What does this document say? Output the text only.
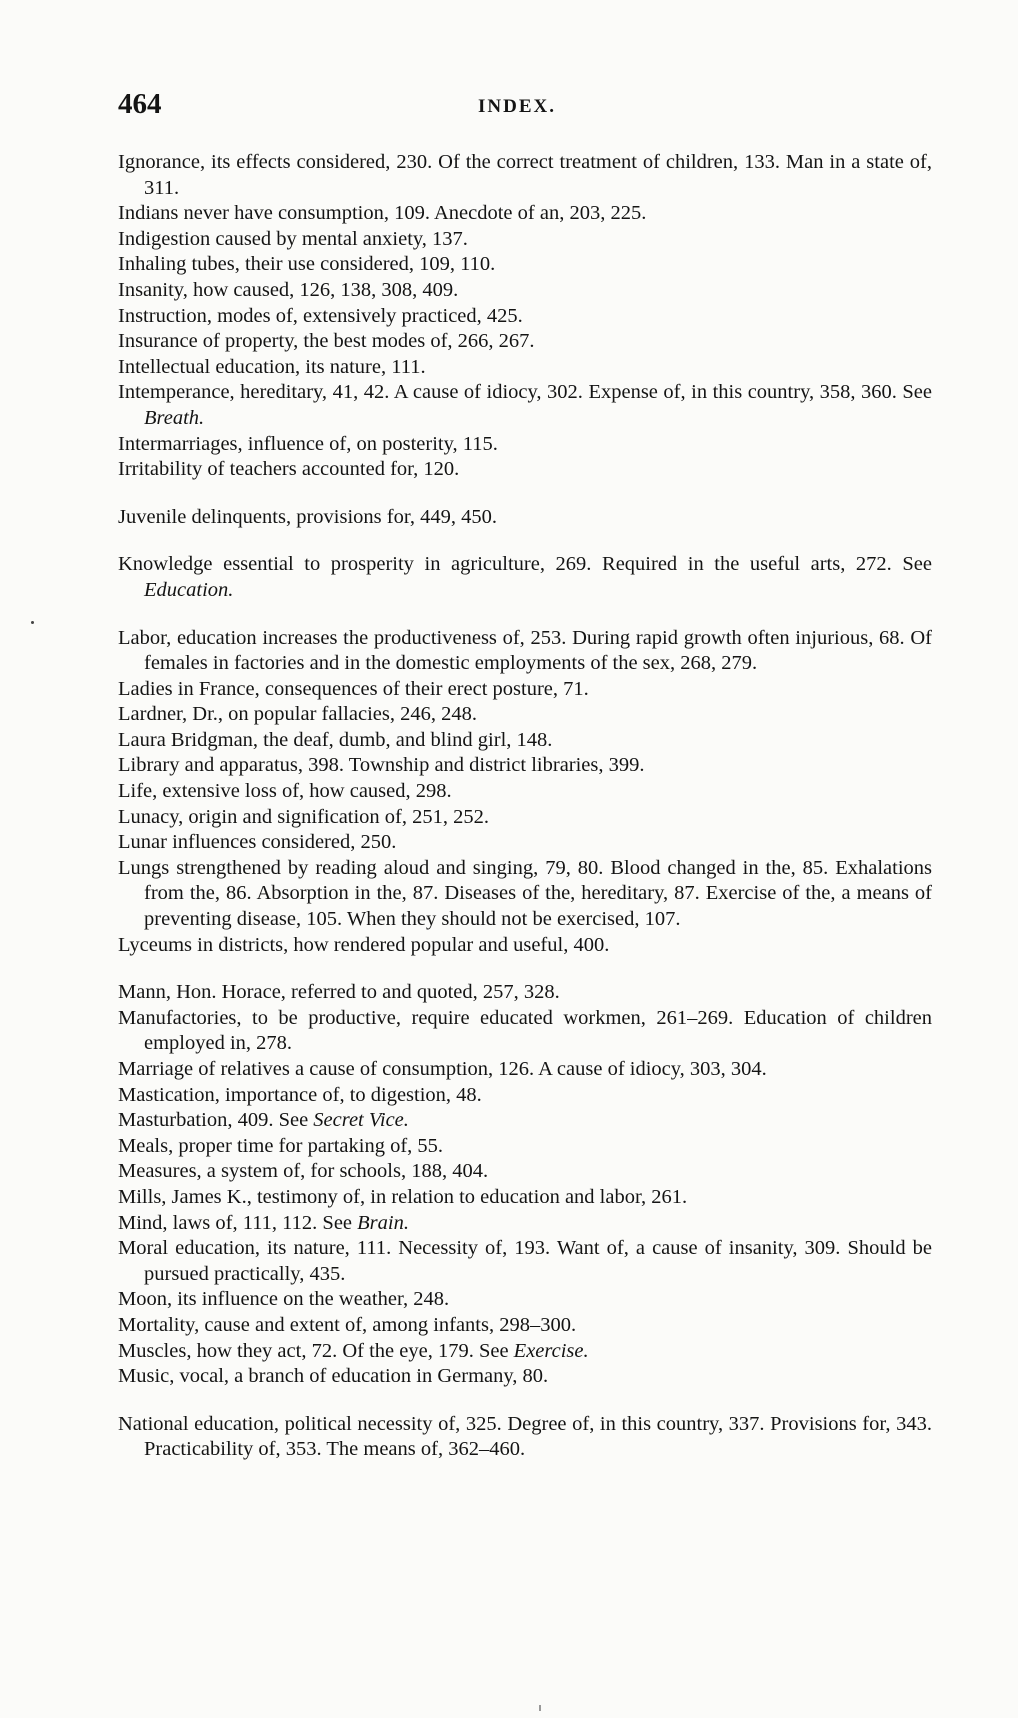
464	INDEX.
Ignorance, its effects considered, 230. Of the correct treatment of children, 133. Man in a state of, 311.
Indians never have consumption, 109. Anecdote of an, 203, 225.
Indigestion caused by mental anxiety, 137.
Inhaling tubes, their use considered, 109, 110.
Insanity, how caused, 126, 138, 308, 409.
Instruction, modes of, extensively practiced, 425.
Insurance of property, the best modes of, 266, 267.
Intellectual education, its nature, 111.
Intemperance, hereditary, 41, 42. A cause of idiocy, 302. Expense of, in this country, 358, 360. See Breath.
Intermarriages, influence of, on posterity, 115.
Irritability of teachers accounted for, 120.
Juvenile delinquents, provisions for, 449, 450.
Knowledge essential to prosperity in agriculture, 269. Required in the useful arts, 272. See Education.
Labor, education increases the productiveness of, 253. During rapid growth often injurious, 68. Of females in factories and in the domestic employments of the sex, 268, 279.
Ladies in France, consequences of their erect posture, 71.
Lardner, Dr., on popular fallacies, 246, 248.
Laura Bridgman, the deaf, dumb, and blind girl, 148.
Library and apparatus, 398. Township and district libraries, 399.
Life, extensive loss of, how caused, 298.
Lunacy, origin and signification of, 251, 252.
Lunar influences considered, 250.
Lungs strengthened by reading aloud and singing, 79, 80. Blood changed in the, 85. Exhalations from the, 86. Absorption in the, 87. Diseases of the, hereditary, 87. Exercise of the, a means of preventing disease, 105. When they should not be exercised, 107.
Lyceums in districts, how rendered popular and useful, 400.
Mann, Hon. Horace, referred to and quoted, 257, 328.
Manufactories, to be productive, require educated workmen, 261–269. Education of children employed in, 278.
Marriage of relatives a cause of consumption, 126. A cause of idiocy, 303, 304.
Mastication, importance of, to digestion, 48.
Masturbation, 409. See Secret Vice.
Meals, proper time for partaking of, 55.
Measures, a system of, for schools, 188, 404.
Mills, James K., testimony of, in relation to education and labor, 261.
Mind, laws of, 111, 112. See Brain.
Moral education, its nature, 111. Necessity of, 193. Want of, a cause of insanity, 309. Should be pursued practically, 435.
Moon, its influence on the weather, 248.
Mortality, cause and extent of, among infants, 298–300.
Muscles, how they act, 72. Of the eye, 179. See Exercise.
Music, vocal, a branch of education in Germany, 80.
National education, political necessity of, 325. Degree of, in this country, 337. Provisions for, 343. Practicability of, 353. The means of, 362–460.
